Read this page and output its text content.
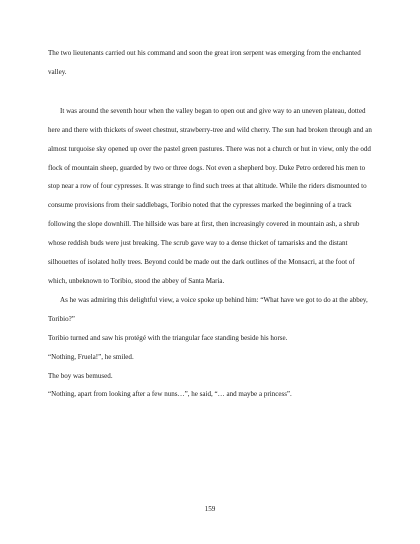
The two lieutenants carried out his command and soon the great iron serpent was emerging from the enchanted valley.

It was around the seventh hour when the valley began to open out and give way to an uneven plateau, dotted here and there with thickets of sweet chestnut, strawberry-tree and wild cherry. The sun had broken through and an almost turquoise sky opened up over the pastel green pastures. There was not a church or hut in view, only the odd flock of mountain sheep, guarded by two or three dogs. Not even a shepherd boy. Duke Petro ordered his men to stop near a row of four cypresses. It was strange to find such trees at that altitude. While the riders dismounted to consume provisions from their saddlebags, Toribio noted that the cypresses marked the beginning of a track following the slope downhill. The hillside was bare at first, then increasingly covered in mountain ash, a shrub whose reddish buds were just breaking. The scrub gave way to a dense thicket of tamarisks and the distant silhouettes of isolated holly trees. Beyond could be made out the dark outlines of the Monsacri, at the foot of which, unbeknown to Toribio, stood the abbey of Santa Maria.

As he was admiring this delightful view, a voice spoke up behind him: “What have we got to do at the abbey, Toribio?”

Toribio turned and saw his protégé with the triangular face standing beside his horse.

“Nothing, Fruela!”, he smiled.

The boy was bemused.

“Nothing, apart from looking after a few nuns…”, he said, “… and maybe a princess”.

159
